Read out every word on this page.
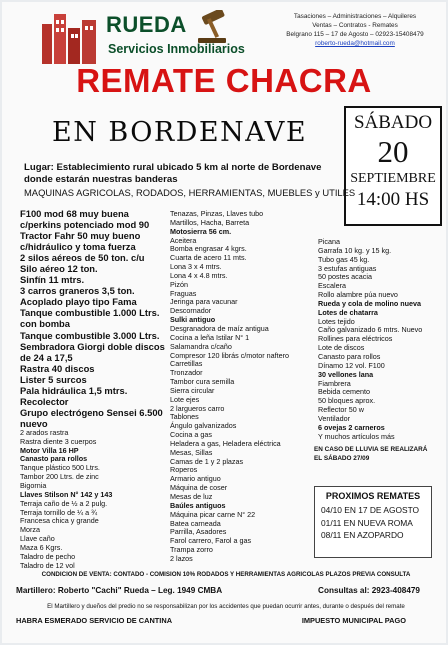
RUEDA
Servicios Inmobiliarios
Tasaciones – Administraciones – Alquileres
Ventas – Contratos - Remates
Belgrano 115 – 17 de Agosto – 02923-15408479
roberto-rueda@hotmail.com
REMATE CHACRA
EN BORDENAVE	SÁBADO
20
SEPTIEMBRE
14:00 HS
Lugar: Establecimiento rural ubicado 5 km al norte de Bordenave donde estarán nuestras banderas
MAQUINAS AGRICOLAS, RODADOS, HERRAMIENTAS, MUEBLES y UTILES
F100 mod 68 muy buena
c/perkins potenciado mod 90
Tractor Fahr 50 muy bueno
c/hidráulico y toma fuerza
2 silos aéreos de 50 ton. c/u
Silo aéreo 12 ton.
Sinfín 11 mtrs.
3 carros graneros 3,5 ton.
Acoplado playo tipo Fama
Tanque combustible 1.000 Ltrs.
con bomba
Tanque combustible 3.000 Ltrs.
Sembradora Giorgi doble discos
de 24 a 17,5
Rastra 40 discos
Lister 5 surcos
Pala hidráulica 1,5 mtrs.
Recolector
Grupo electrógeno Sensei 6.500
nuevo
2 arados rastra
Rastra diente 3 cuerpos
Motor Villa 16 HP
Canasto para rollos
Tanque plástico 500 Ltrs.
Tambor 200 Ltrs. de zinc
Bigornia
Llaves Stilson N° 142 y 143
Terraja caño de ½ a 2 pulg.
Terraja tornillo de ¼ a ¾
Francesa chica y grande
Morza
Llave caño
Maza 6 Kgrs.
Taladro de pecho
Taladro de 12 vol
Tenazas, Pinzas, Llaves tubo
Martillos, Hacha, Barreta
Motosierra 56 cm.
Aceitera
Bomba engrasar 4 kgrs.
Cuarta de acero 11 mts.
Lona 3 x 4 mtrs.
Lona 4 x 4.8 mtrs.
Pizón
Fraguas
Jeringa para vacunar
Descornador
Sulki antiguo
Desgranadora de maíz antigua
Cocina a leña Istilar N° 1
Salamandra c/caño
Compresor 120 librás c/motor naftero
Carretillas
Tronzador
Tambor cura semilla
Sierra circular
Lote ejes
2 largueros carro
Tablones
Ángulo galvanizados
Cocina a gas
Heladera a gas, Heladera eléctrica
Mesas, Sillas
Camas de 1 y 2 plazas
Roperos
Armario antiguo
Máquina de coser
Mesas de luz
Baúles antiguos
Máquina picar carne N° 22
Batea carneada
Parrilla, Asadores
Farol carrero, Farol a gas
Trampa zorro
2 lazos
Picana
Garrafa 10 kg. y 15 kg.
Tubo gas 45 kg.
3 estufas antiguas
50 postes acacia
Escalera
Rollo alambre púa nuevo
Rueda y cola de molino nueva
Lotes de chatarra
Lotes tejido
Caño galvanizado 6 mtrs. Nuevo
Rollines para eléctricos
Lote de discos
Canasto para rollos
Dínamo 12 vol. F100
30 vellones lana
Fiambrera
Bebida cemento
50 bloques aprox.
Reflector 50 w
Ventilador
6 ovejas 2 carneros
Y muchos artículos más
EN CASO DE LLUVIA SE REALIZARÁ
EL SÁBADO 27/09
PROXIMOS REMATES
04/10 EN 17 DE AGOSTO
01/11 EN NUEVA ROMA
08/11 EN AZOPARDO
CONDICION DE VENTA: CONTADO - COMISION 10% RODADOS Y HERRAMIENTAS AGRICOLAS PLAZOS PREVIA CONSULTA
Martillero: Roberto "Cachi" Rueda – Leg. 1949 CMBA	Consultas al: 2923-408479
El Martillero y dueños del predio no se responsabilizan por los accidentes que puedan ocurrir antes, durante o después del remate
HABRA ESMERADO SERVICIO DE CANTINA	IMPUESTO MUNICIPAL PAGO
